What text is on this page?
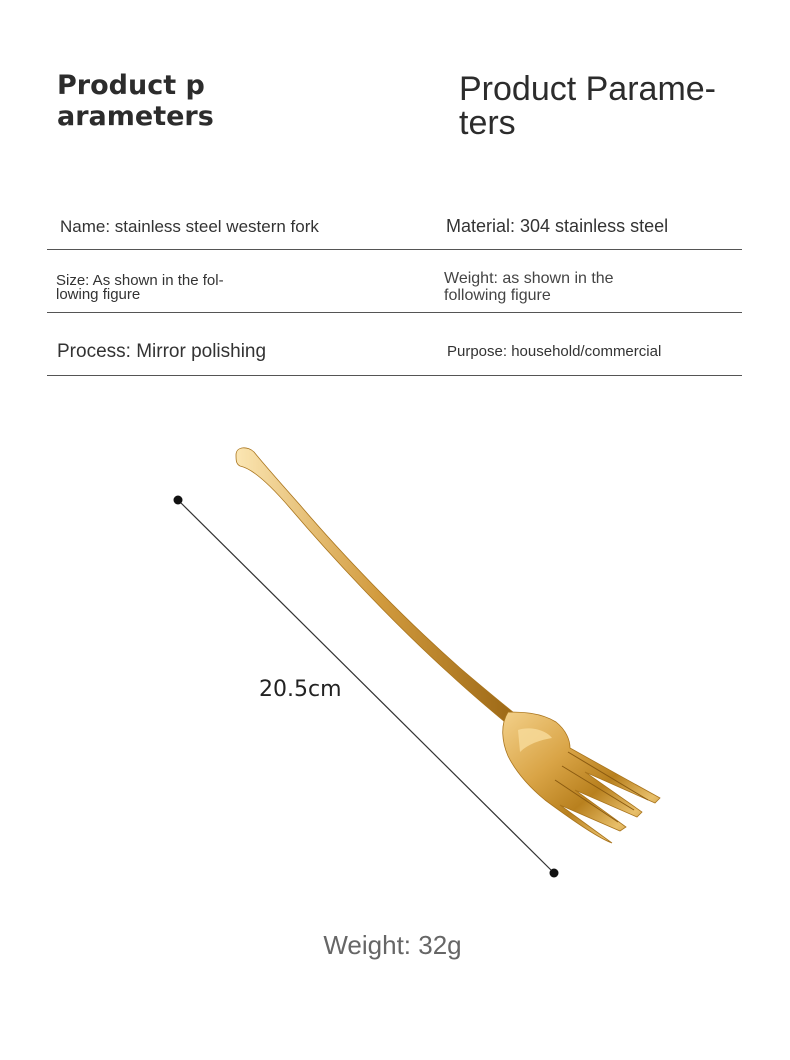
Product p
arameters
Product Parame-
ters
Name: stainless steel western fork	Material: 304 stainless steel
Size: As shown in the fol-
lowing figure
Weight: as shown in the
following figure
Process: Mirror polishing	Purpose: household/commercial
20.5cm
Weight: 32g
